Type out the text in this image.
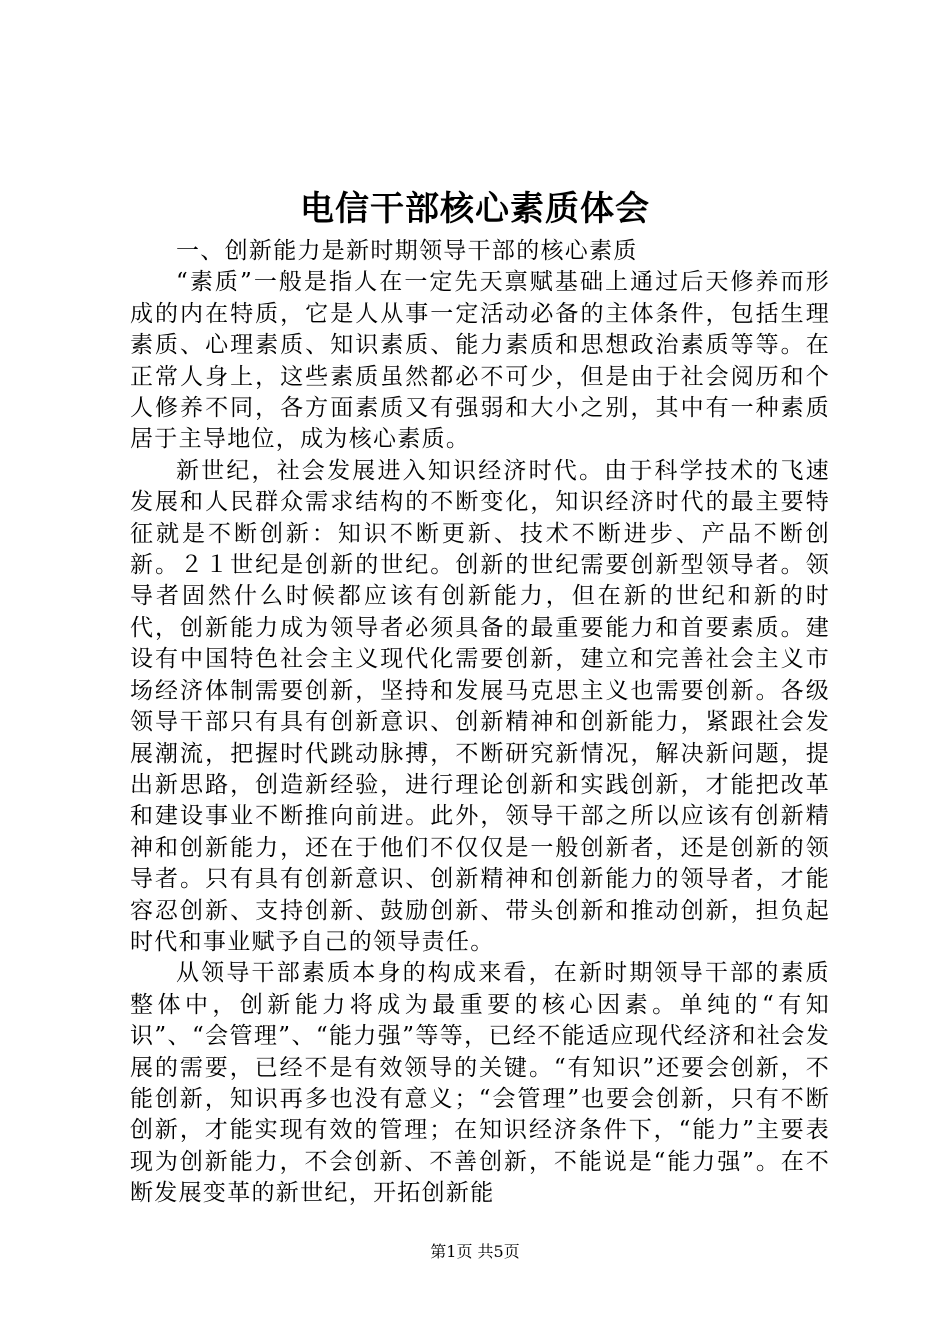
电信干部核心素质体会

一、创新能力是新时期领导干部的核心素质

“素质”一般是指人在一定先天禀赋基础上通过后天修养而形成的内在特质，它是人从事一定活动必备的主体条件，包括生理素质、心理素质、知识素质、能力素质和思想政治素质等等。在正常人身上，这些素质虽然都必不可少，但是由于社会阅历和个人修养不同，各方面素质又有强弱和大小之别，其中有一种素质居于主导地位，成为核心素质。

新世纪，社会发展进入知识经济时代。由于科学技术的飞速发展和人民群众需求结构的不断变化，知识经济时代的最主要特征就是不断创新：知识不断更新、技术不断进步、产品不断创新。２１世纪是创新的世纪。创新的世纪需要创新型领导者。领导者固然什么时候都应该有创新能力，但在新的世纪和新的时代，创新能力成为领导者必须具备的最重要能力和首要素质。建设有中国特色社会主义现代化需要创新，建立和完善社会主义市场经济体制需要创新，坚持和发展马克思主义也需要创新。各级领导干部只有具有创新意识、创新精神和创新能力，紧跟社会发展潮流，把握时代跳动脉搏，不断研究新情况，解决新问题，提出新思路，创造新经验，进行理论创新和实践创新，才能把改革和建设事业不断推向前进。此外，领导干部之所以应该有创新精神和创新能力，还在于他们不仅仅是一般创新者，还是创新的领导者。只有具有创新意识、创新精神和创新能力的领导者，才能容忍创新、支持创新、鼓励创新、带头创新和推动创新，担负起时代和事业赋予自己的领导责任。

从领导干部素质本身的构成来看，在新时期领导干部的素质整体中，创新能力将成为最重要的核心因素。单纯的“有知识”、“会管理”、“能力强”等等，已经不能适应现代经济和社会发展的需要，已经不是有效领导的关键。“有知识”还要会创新，不能创新，知识再多也没有意义；“会管理”也要会创新，只有不断创新，才能实现有效的管理；在知识经济条件下，“能力”主要表现为创新能力，不会创新、不善创新，不能说是“能力强”。在不断发展变革的新世纪，开拓创新能

第1页 共5页
